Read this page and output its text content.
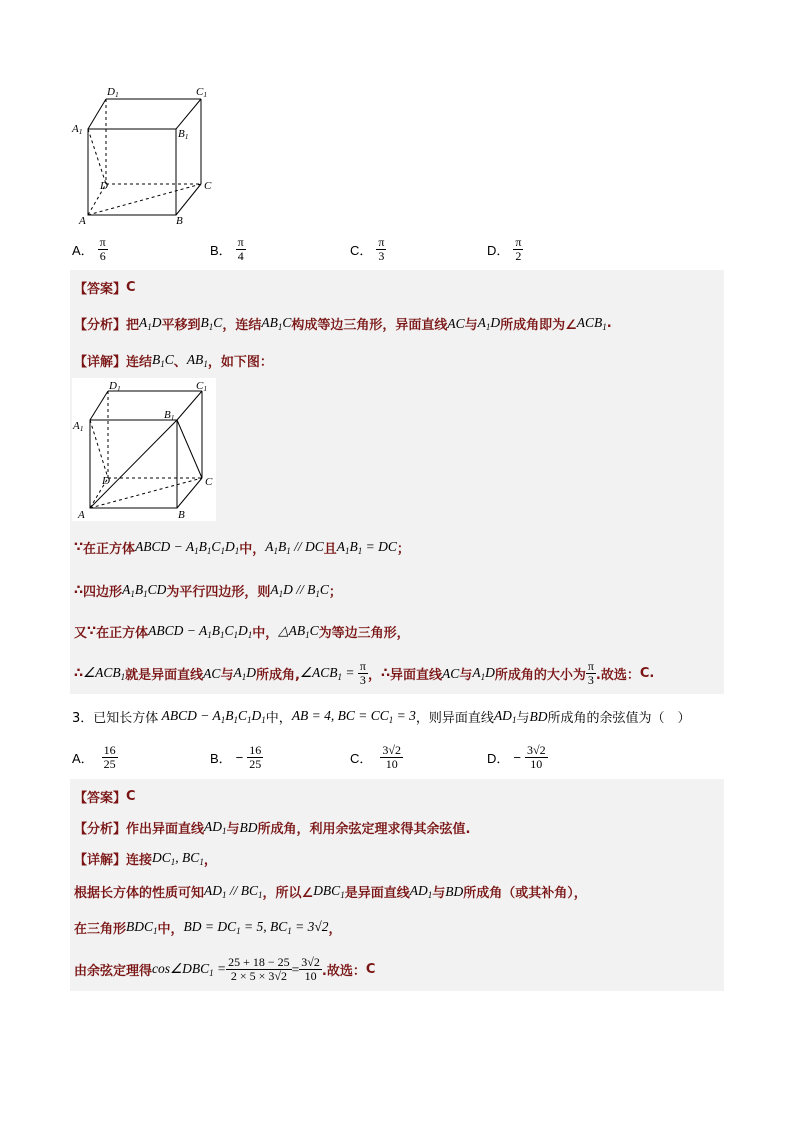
D1	C1
A1	B1
D	C
A	B
A． $\frac{\pi}{6}$	B． $\frac{\pi}{4}$	C． $\frac{\pi}{3}$	D． $\frac{\pi}{2}$
【答案】 C
【分析】 把 $A_1D$ 平移到 $B_1C$ ，连结 $AB_1C$ 构成等边三角形，异面直线 AC 与 $A_1D$ 所成角即为∠ $ACB_1$ .
【详解】 连结 $B_1C$ 、 $AB_1$ ，如下图：
D1	C1
A1
B1
D	C
A	B
∵ 在正方体 ABCD − $A_1B_1C_1D_1$ 中， $A_1B_1$ // DC 且 $A_1B_1$ = DC ；
∴ 四边形 $A_1B_1CD$ 为平行四边形，则 $A_1D // B_1C$ ；
又 ∵ 在正方体 ABCD − $A_1B_1C_1D_1$ 中， $\triangle AB_1C$ 为等边三角形，
∴ $\angle ACB_1$ 就是异面直线 AC 与 $A_1D$ 所成角, $\angle ACB_1 = \frac{\pi}{3}$ ， ∴ 异面直线 AC 与 $A_1D$ 所成角的大小为 $\frac{\pi}{3}$ .故选： C .
3． 已知长方体 ABCD − $A_1B_1C_1D_1$ 中， AB = 4, BC = $CC_1 = 3$ ，则异面直线 $AD_1$ 与 BD 所成角的余弦值为（　）
A． $\frac{16}{25}$	B． − $\frac{16}{25}$	C． $\frac{3√2}{10}$	D． − $\frac{3√2}{10}$
【答案】 C
【分析】 作出异面直线 $AD_1$ 与 BD 所成角，利用余弦定理求得其余弦值.
【详解】 连接 $DC_1$, $BC_1$ ，
根据长方体的性质可知 $AD_1 // BC_1$ ，所以∠ $DBC_1$ 是异面直线 $AD_1$ 与 BD 所成角（或其补角），
在三角形 $BDC_1$ 中， BD = $DC_1 = 5$, $BC_1 = 3√2$ ，
由余弦定理得 $\cos\angle DBC_1 = \frac{25 + 18 - 25}{2 \times 5 \times 3√2} = \frac{3√2}{10}$ .故选： C
